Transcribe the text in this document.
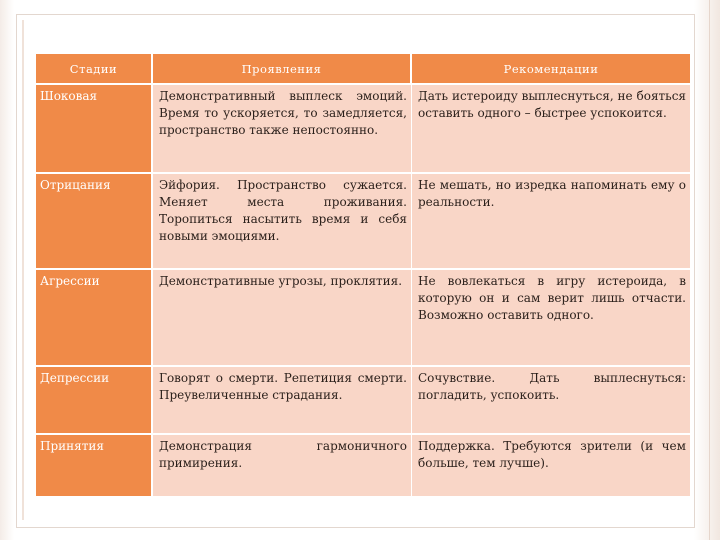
Стадии	Проявления	Рекомендации
Шоковая	Демонстративный выплеск эмоций. Время то ускоряется, то замедляется, пространство также непостоянно.	Дать истероиду выплеснуться, не бояться оставить одного – быстрее успокоится.
Отрицания	Эйфория. Пространство сужается. Меняет места проживания. Торопиться насытить время и себя новыми эмоциями.	Не мешать, но изредка напоминать ему о реальности.
Агрессии	Демонстративные угрозы, проклятия.	Не вовлекаться в игру истероида, в которую он и сам верит лишь отчасти. Возможно оставить одного.
Депрессии	Говорят о смерти. Репетиция смерти. Преувеличенные страдания.	Сочувствие. Дать выплеснуться: погладить, успокоить.
Принятия	Демонстрация гармоничного примирения.	Поддержка. Требуются зрители (и чем больше, тем лучше).
